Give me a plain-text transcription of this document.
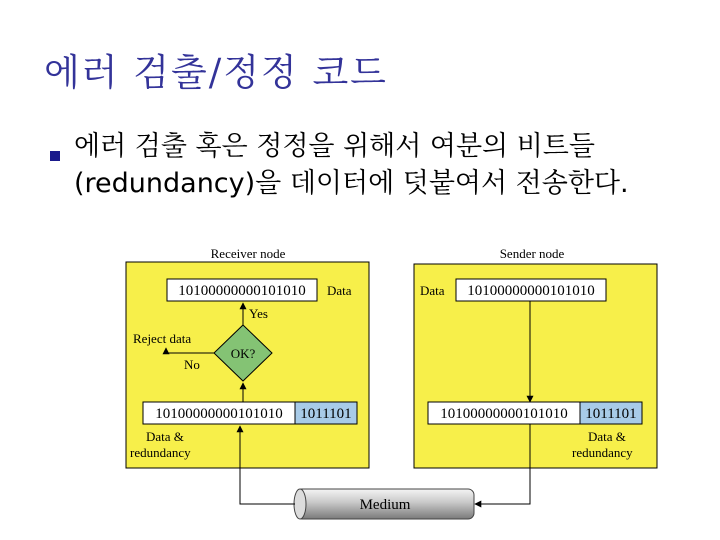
에러 검출/정정 코드
에러 검출 혹은 정정을 위해서 여분의 비트들(redundancy)을 데이터에 덧붙여서 전송한다.
Receiver node
10100000000101010 Data
Yes
OK?
Reject data
No
10100000000101010 1011101
Data &
redundancy
Sender node
Data 10100000000101010
10100000000101010 1011101
Data &
redundancy
Medium
